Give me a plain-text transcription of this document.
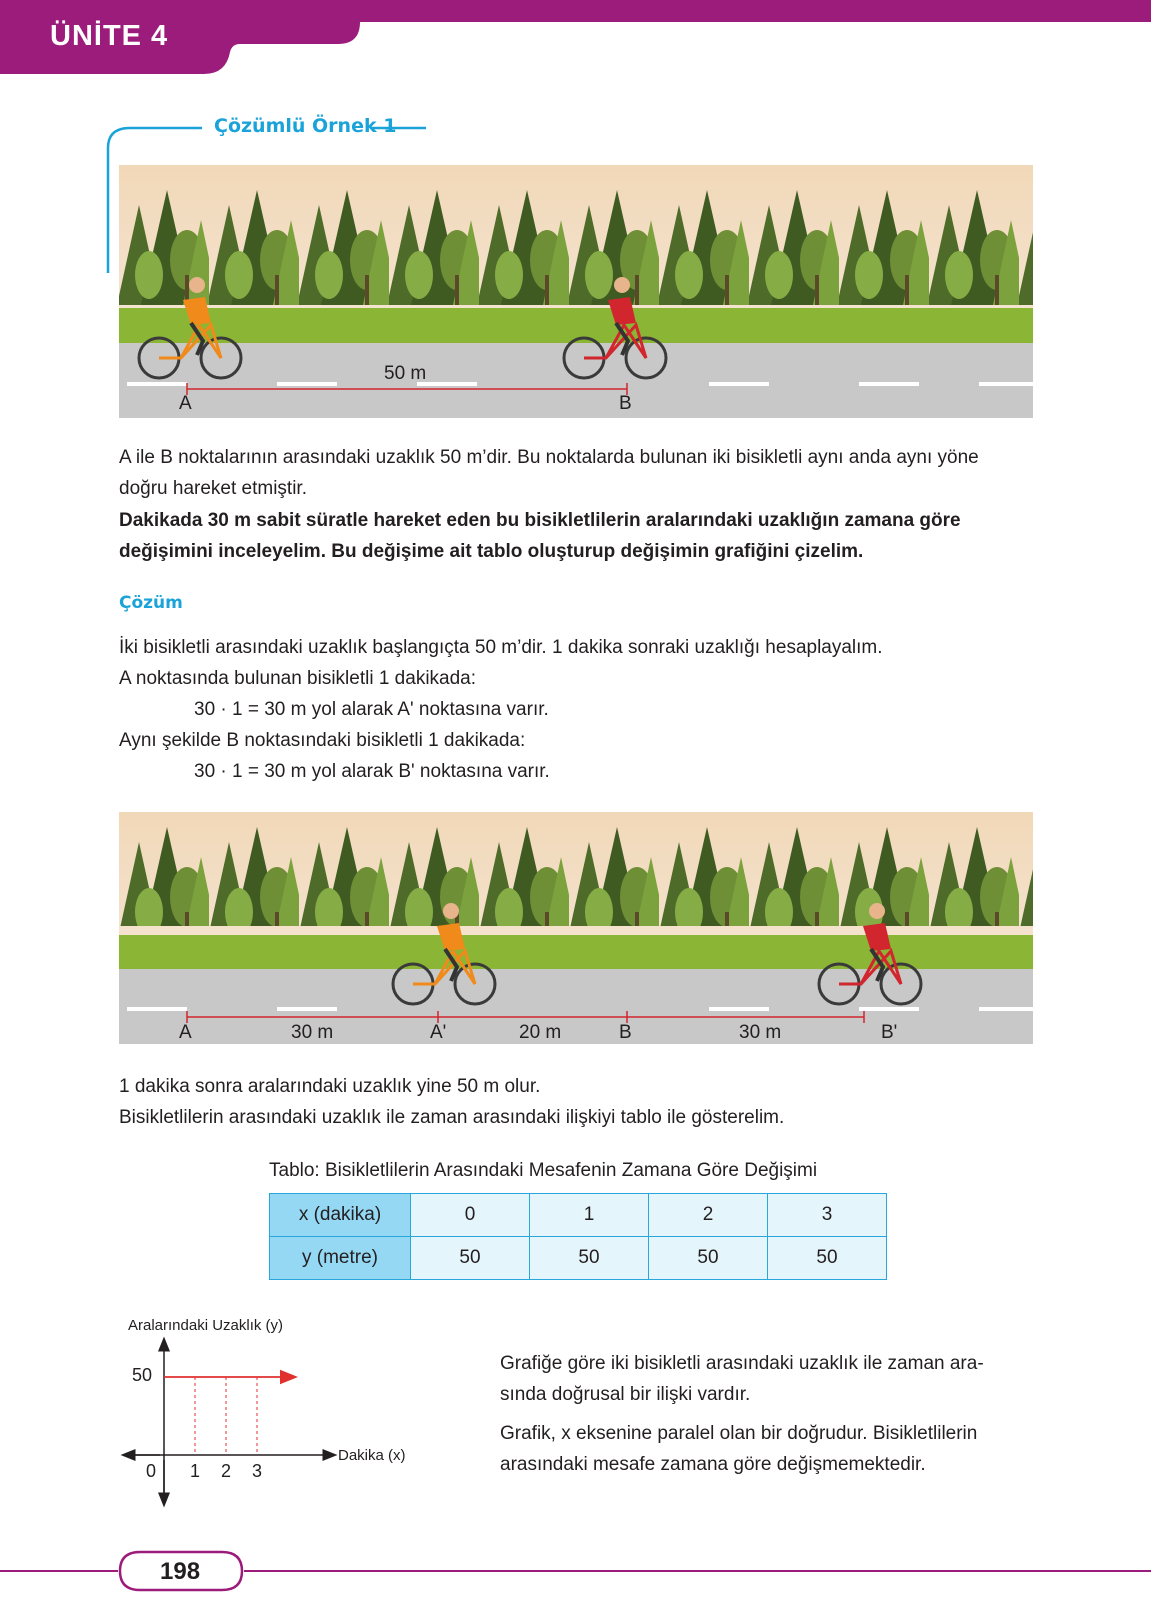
ÜNİTE 4
Çözümlü Örnek 1
50 m
A	B
A ile B noktalarının arasındaki uzaklık 50 m’dir. Bu noktalarda bulunan iki bisikletli aynı anda aynı yöne
doğru hareket etmiştir.
Dakikada 30 m sabit süratle hareket eden bu bisikletlilerin aralarındaki uzaklığın zamana göre
değişimini inceleyelim. Bu değişime ait tablo oluşturup değişimin grafiğini çizelim.
Çözüm
İki bisikletli arasındaki uzaklık başlangıçta 50 m’dir. 1 dakika sonraki uzaklığı hesaplayalım.
A noktasında bulunan bisikletli 1 dakikada:
30 · 1 = 30 m yol alarak A' noktasına varır.
Aynı şekilde B noktasındaki bisikletli 1 dakikada:
30 · 1 = 30 m yol alarak B' noktasına varır.
A	30 m	A'	20 m	B	30 m	B'
1 dakika sonra aralarındaki uzaklık yine 50 m olur.
Bisikletlilerin arasındaki uzaklık ile zaman arasındaki ilişkiyi tablo ile gösterelim.
Tablo: Bisikletlilerin Arasındaki Mesafenin Zamana Göre Değişimi
x (dakika)	0	1	2	3
y (metre)	50	50	50	50
0 1 2 3
Aralarındaki Uzaklık (y)
Dakika (x)
50
Grafiğe göre iki bisikletli arasındaki uzaklık ile zaman ara-
sında doğrusal bir ilişki vardır.
Grafik, x eksenine paralel olan bir doğrudur. Bisikletlilerin
arasındaki mesafe zamana göre değişmemektedir.
198
